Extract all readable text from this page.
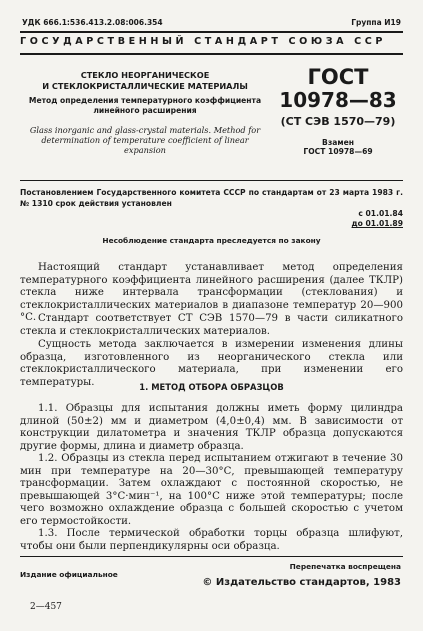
УДК 666.1:536.413.2.08:006.354	Группа И19
ГОСУДАРСТВЕННЫЙ СТАНДАРТ СОЮЗА ССР
СТЕКЛО НЕОРГАНИЧЕСКОЕ
И СТЕКЛОКРИСТАЛЛИЧЕСКИЕ МАТЕРИАЛЫ
Метод определения температурного коэффициента
линейного расширения
Glass inorganic and glass-crystal materials. Method for
determination of temperature coefficient of linear
expansion
ГОСТ
10978—83
(СТ СЭВ 1570—79)
Взамен
ГОСТ 10978—69
Постановлением Государственного комитета СССР по стандартам от 23 марта 1983 г. № 1310 срок действия установлен
с 01.01.84
до 01.01.89
Несоблюдение стандарта преследуется по закону
Настоящий стандарт устанавливает метод определения температурного коэффициента линейного расширения (далее ТКЛР) стекла ниже интервала трансформации (стеклования) и стеклокристаллических материалов в диапазоне температур 20—900 °С. Стандарт соответствует СТ СЭВ 1570—79 в части силикатного стекла и стеклокристаллических материалов.
Сущность метода заключается в измерении изменения длины образца, изготовленного из неорганического стекла или стеклокристаллического материала, при изменении его температуры.	1. МЕТОД ОТБОРА ОБРАЗЦОВ
1.1. Образцы для испытания должны иметь форму цилиндра длиной (50±2) мм и диаметром (4,0±0,4) мм. В зависимости от конструкции дилатометра и значения ТКЛР образца допускаются другие формы, длина и диаметр образца.
1.2. Образцы из стекла перед испытанием отжигают в течение 30 мин при температуре на 20—30°С, превышающей температуру трансформации. Затем охлаждают с постоянной скоростью, не превышающей 3°С·мин⁻¹, на 100°С ниже этой температуры; после чего возможно охлаждение образца с большей скоростью с учетом его термостойкости.
1.3. После термической обработки торцы образца шлифуют, чтобы они были перпендикулярны оси образца.
Издание официальное
Перепечатка воспрещена
© Издательство стандартов, 1983
2—457
